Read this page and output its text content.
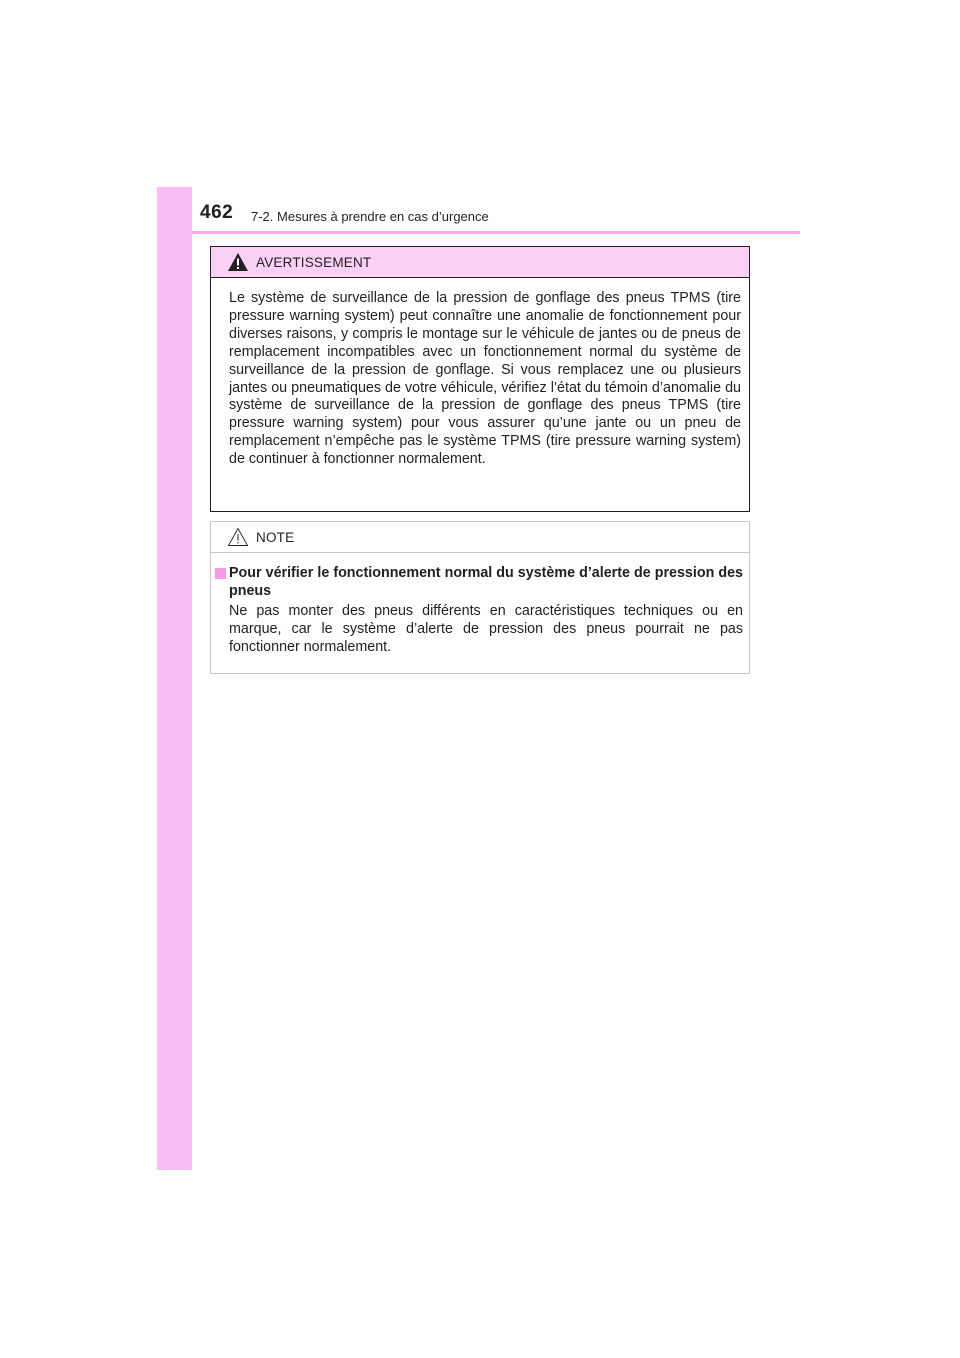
462 7-2. Mesures à prendre en cas d’urgence
AVERTISSEMENT

Le système de surveillance de la pression de gonflage des pneus TPMS (tire pressure warning system) peut connaître une anomalie de fonctionnement pour diverses raisons, y compris le montage sur le véhicule de jantes ou de pneus de remplacement incompatibles avec un fonctionnement normal du système de surveillance de la pression de gonflage. Si vous remplacez une ou plusieurs jantes ou pneumatiques de votre véhicule, vérifiez l’état du témoin d’anomalie du système de surveillance de la pression de gonflage des pneus TPMS (tire pressure warning system) pour vous assurer qu’une jante ou un pneu de remplacement n’empêche pas le système TPMS (tire pressure warning system) de continuer à fonctionner normalement.

NOTE

Pour vérifier le fonctionnement normal du système d’alerte de pression des pneus

Ne pas monter des pneus différents en caractéristiques techniques ou en marque, car le système d’alerte de pression des pneus pourrait ne pas fonctionner normalement.
